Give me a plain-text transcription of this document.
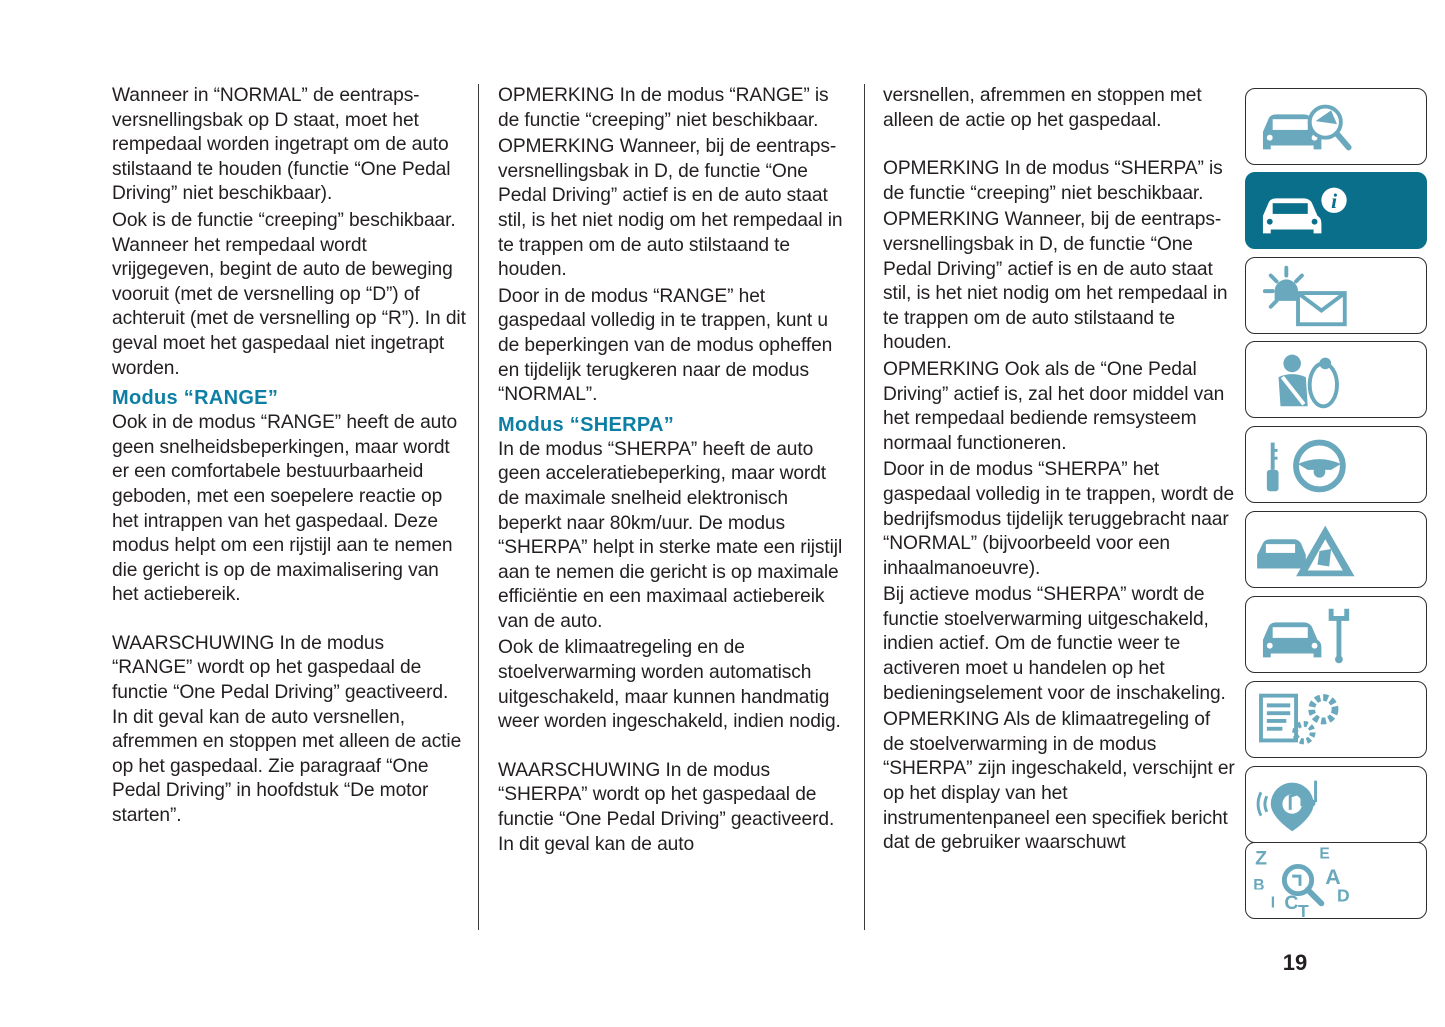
Wanneer in “NORMAL” de eentraps-versnellingsbak op D staat, moet het rempedaal worden ingetrapt om de auto stilstaand te houden (functie “One Pedal Driving” niet beschikbaar).

Ook is de functie “creeping” beschikbaar. Wanneer het rempedaal wordt vrijgegeven, begint de auto de beweging vooruit (met de versnelling op “D”) of achteruit (met de versnelling op “R”). In dit geval moet het gaspedaal niet ingetrapt worden.

Modus “RANGE”

Ook in de modus “RANGE” heeft de auto geen snelheidsbeperkingen, maar wordt er een comfortabele bestuurbaarheid geboden, met een soepelere reactie op het intrappen van het gaspedaal. Deze modus helpt om een rijstijl aan te nemen die gericht is op de maximalisering van het actiebereik.

WAARSCHUWING In de modus “RANGE” wordt op het gaspedaal de functie “One Pedal Driving” geactiveerd. In dit geval kan de auto versnellen, afremmen en stoppen met alleen de actie op het gaspedaal. Zie paragraaf “One Pedal Driving” in hoofdstuk “De motor starten”.

OPMERKING In de modus “RANGE” is de functie “creeping” niet beschikbaar.

OPMERKING Wanneer, bij de eentraps-versnellingsbak in D, de functie “One Pedal Driving” actief is en de auto staat stil, is het niet nodig om het rempedaal in te trappen om de auto stilstaand te houden.

Door in de modus “RANGE” het gaspedaal volledig in te trappen, kunt u de beperkingen van de modus opheffen en tijdelijk terugkeren naar de modus “NORMAL”.

Modus “SHERPA”

In de modus “SHERPA” heeft de auto geen acceleratiebeperking, maar wordt de maximale snelheid elektronisch beperkt naar 80km/uur. De modus “SHERPA” helpt in sterke mate een rijstijl aan te nemen die gericht is op maximale efficiëntie en een maximaal actiebereik van de auto.

Ook de klimaatregeling en de stoelverwarming worden automatisch uitgeschakeld, maar kunnen handmatig weer worden ingeschakeld, indien nodig.

WAARSCHUWING In de modus “SHERPA” wordt op het gaspedaal de functie “One Pedal Driving” geactiveerd. In dit geval kan de auto

versnellen, afremmen en stoppen met alleen de actie op het gaspedaal.

OPMERKING In de modus “SHERPA” is de functie “creeping” niet beschikbaar.

OPMERKING Wanneer, bij de eentraps-versnellingsbak in D, de functie “One Pedal Driving” actief is en de auto staat stil, is het niet nodig om het rempedaal in te trappen om de auto stilstaand te houden.

OPMERKING Ook als de “One Pedal Driving” actief is, zal het door middel van het rempedaal bediende remsysteem normaal functioneren.

Door in de modus “SHERPA” het gaspedaal volledig in te trappen, wordt de bedrijfsmodus tijdelijk teruggebracht naar “NORMAL” (bijvoorbeeld voor een inhaalmanoeuvre).

Bij actieve modus “SHERPA” wordt de functie stoelverwarming uitgeschakeld, indien actief. Om de functie weer te activeren moet u handelen op het bedieningselement voor de inschakeling.

OPMERKING Als de klimaatregeling of de stoelverwarming in de modus “SHERPA” zijn ingeschakeld, verschijnt er op het display van het instrumentenpaneel een specifiek bericht dat de gebruiker waarschuwt

i
Z	E
A
B
I C T
D
19
